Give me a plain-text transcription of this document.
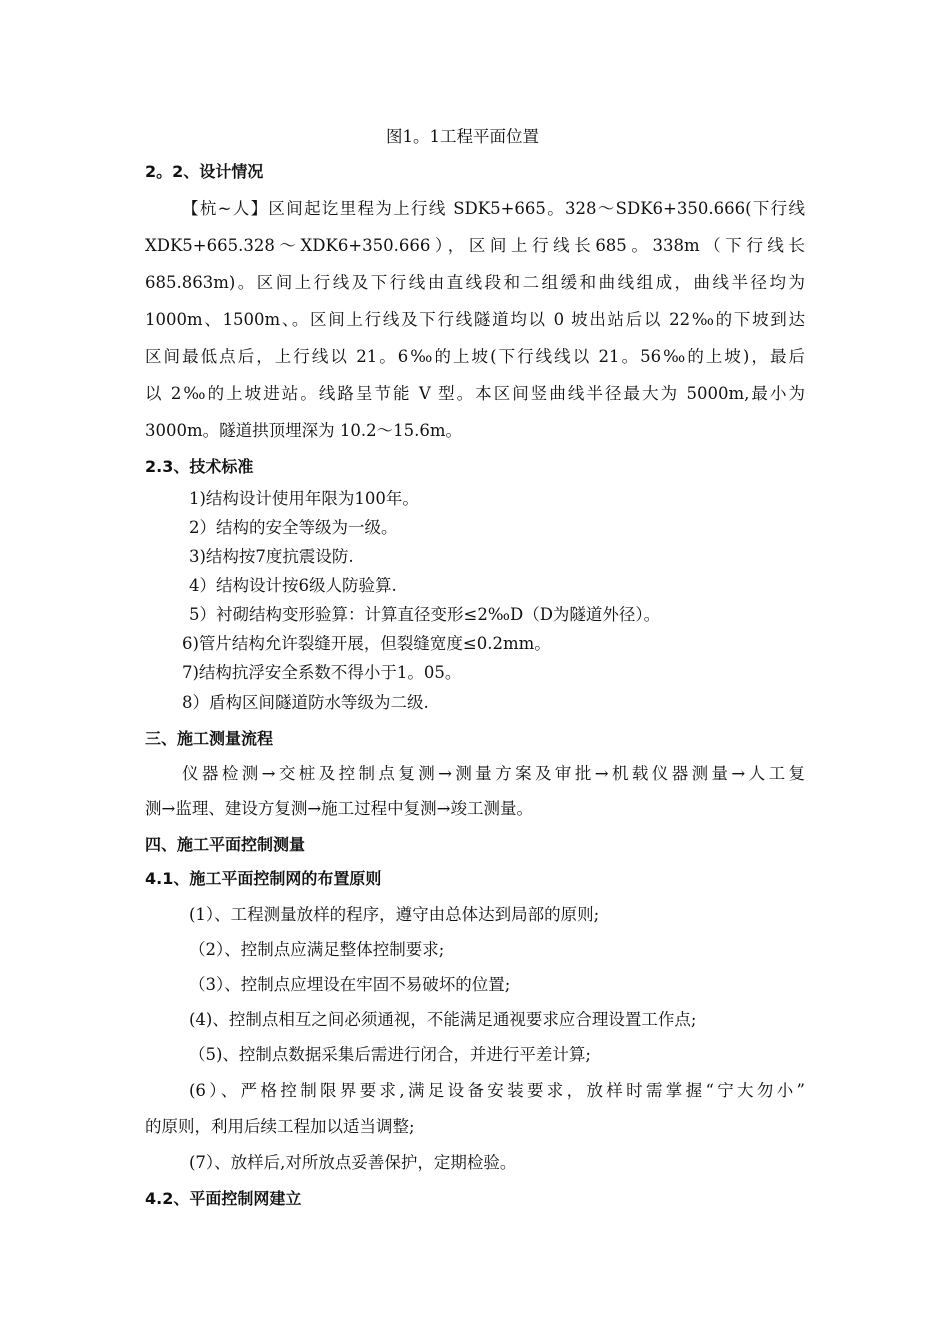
图1。1工程平面位置
2。2、设计情况
【杭~人】区间起讫里程为上行线 SDK5+665。328～SDK6+350.666(下行线
XDK5+665.328～XDK6+350.666），区间上行线长685。338m（下行线长
685.863m)。区间上行线及下行线由直线段和二组缓和曲线组成，曲线半径均为
1000m、1500m、。区间上行线及下行线隧道均以 0 坡出站后以 22‰的下坡到达
区间最低点后，上行线以 21。6‰的上坡(下行线线以 21。56‰的上坡)，最后
以 2‰的上坡进站。线路呈节能 V 型。本区间竖曲线半径最大为 5000m,最小为
3000m。隧道拱顶埋深为 10.2～15.6m。
2.3、技术标准
1)结构设计使用年限为100年。
2）结构的安全等级为一级。
3)结构按7度抗震设防.
4）结构设计按6级人防验算.
5）衬砌结构变形验算：计算直径变形≤2‰D（D为隧道外径）。
6)管片结构允许裂缝开展，但裂缝宽度≤0.2mm。
7)结构抗浮安全系数不得小于1。05。
8）盾构区间隧道防水等级为二级.
三、施工测量流程
仪器检测→交桩及控制点复测→测量方案及审批→机载仪器测量→人工复
测→监理、建设方复测→施工过程中复测→竣工测量。
四、施工平面控制测量
4.1、施工平面控制网的布置原则
(1）、工程测量放样的程序，遵守由总体达到局部的原则;
（2）、控制点应满足整体控制要求;
（3）、控制点应埋设在牢固不易破坏的位置;
(4)、控制点相互之间必须通视，不能满足通视要求应合理设置工作点;
（5)、控制点数据采集后需进行闭合，并进行平差计算;
(6）、严格控制限界要求,满足设备安装要求，放样时需掌握“宁大勿小”
的原则，利用后续工程加以适当调整;
(7）、放样后,对所放点妥善保护，定期检验。
4.2、平面控制网建立
